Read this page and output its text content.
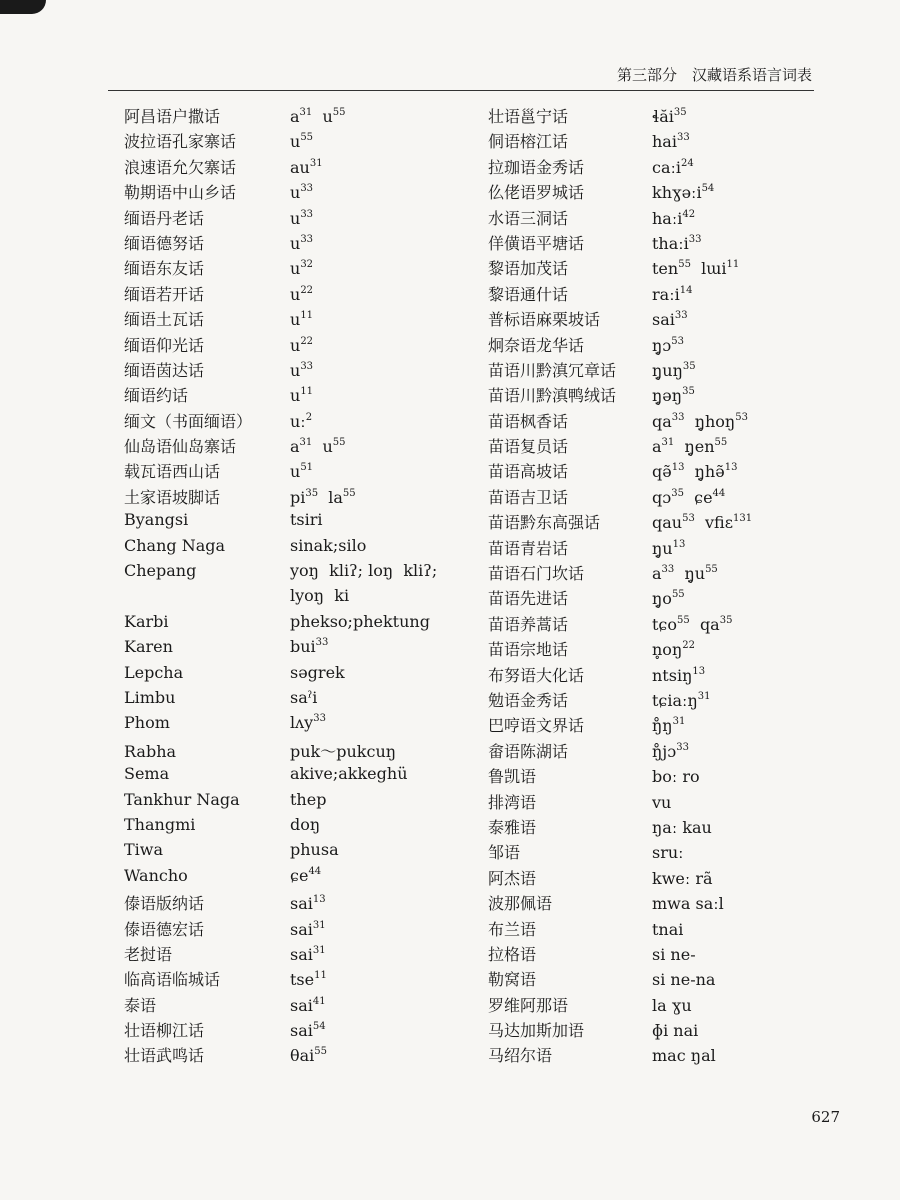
第三部分　汉藏语系语言词表
阿昌语户撒话	$a^{31}$  $u^{55}$
波拉语孔家寨话	$u^{55}$
浪速语允欠寨话	$au^{31}$
勒期语中山乡话	$u^{33}$
缅语丹老话	$u^{33}$
缅语德努话	$u^{33}$
缅语东友话	$u^{32}$
缅语若开话	$u^{22}$
缅语土瓦话	$u^{11}$
缅语仰光话	$u^{22}$
缅语茵达话	$u^{33}$
缅语约话	$u^{11}$
缅文（书面缅语）	uː$^2$
仙岛语仙岛寨话	$a^{31}$  $u^{55}$
载瓦语西山话	$u^{51}$
土家语坡脚话	$pi^{35}$  $la^{55}$
Byangsi	tsiri
Chang Naga	sinak;silo
Chepang	yoŋ  kliʔ; loŋ  kliʔ;
lyoŋ  ki
Karbi	phekso;phektung
Karen	bui$^{33}$
Lepcha	səgrek
Limbu	saˀi
Phom	lʌy$^{33}$
Rabha	puk～pukcuŋ
Sema	akive;akkeghü
Tankhur Naga	thep
Thangmi	doŋ
Tiwa	phusa
Wancho	ɕe$^{44}$
傣语版纳话	sai$^{13}$
傣语德宏话	sai$^{31}$
老挝语	sai$^{31}$
临高语临城话	tse$^{11}$
泰语	sai$^{41}$
壮语柳江话	sai$^{54}$
壮语武鸣话	θai$^{55}$
壮语邕宁话	ɬăi$^{35}$
侗语榕江话	hai$^{33}$
拉珈语金秀话	caːi$^{24}$
仫佬语罗城话	khɣəːi$^{54}$
水语三洞话	haːi$^{42}$
佯僙语平塘话	thaːi$^{33}$
黎语加茂话	ten$^{55}$  lɯi$^{11}$
黎语通什话	raːi$^{14}$
普标语麻栗坡话	sai$^{33}$
炯奈语龙华话	ŋ̥ɔ$^{53}$
苗语川黔滇冗章话	$ŋ̥uŋ^{35}$
苗语川黔滇鸭绒话	ŋ̥əŋ$^{35}$
苗语枫香话	$qa^{33}$  ŋ̥hoŋ$^{53}$
苗语复员话	$a^{31}$  $ŋ̥en^{55}$
苗语高坡话	qə̃$^{13}$  ŋ̥hə̃$^{13}$
苗语吉卫话	qɔ$^{35}$  ɕe$^{44}$
苗语黔东高强话	qau$^{53}$  vfiɛ$^{131}$
苗语青岩话	$ŋ̥u^{13}$
苗语石门坎话	$a^{33}$  $ŋ̥u^{55}$
苗语先进话	$ŋ̥o^{55}$
苗语养蒿话	tɕo$^{55}$  $qa^{35}$
苗语宗地话	$n̥oŋ^{22}$
布努语大化话	ntsiŋ$^{13}$
勉语金秀话	tɕiaːŋ$^{31}$
巴哼语文界话	$ŋ̊ŋ^{31}$
畲语陈湖话	ŋ̊jɔ$^{33}$
鲁凯语	boː ro
排湾语	vu
泰雅语	ŋaː kau
邹语	sruː
阿杰语	kweː rã
波那佩语	mwa saːl
布兰语	tnai
拉格语	si ne-
勒窝语	si ne-na
罗维阿那语	la ɣu
马达加斯加语	ɸi nai
马绍尔语	mac ŋal
627
